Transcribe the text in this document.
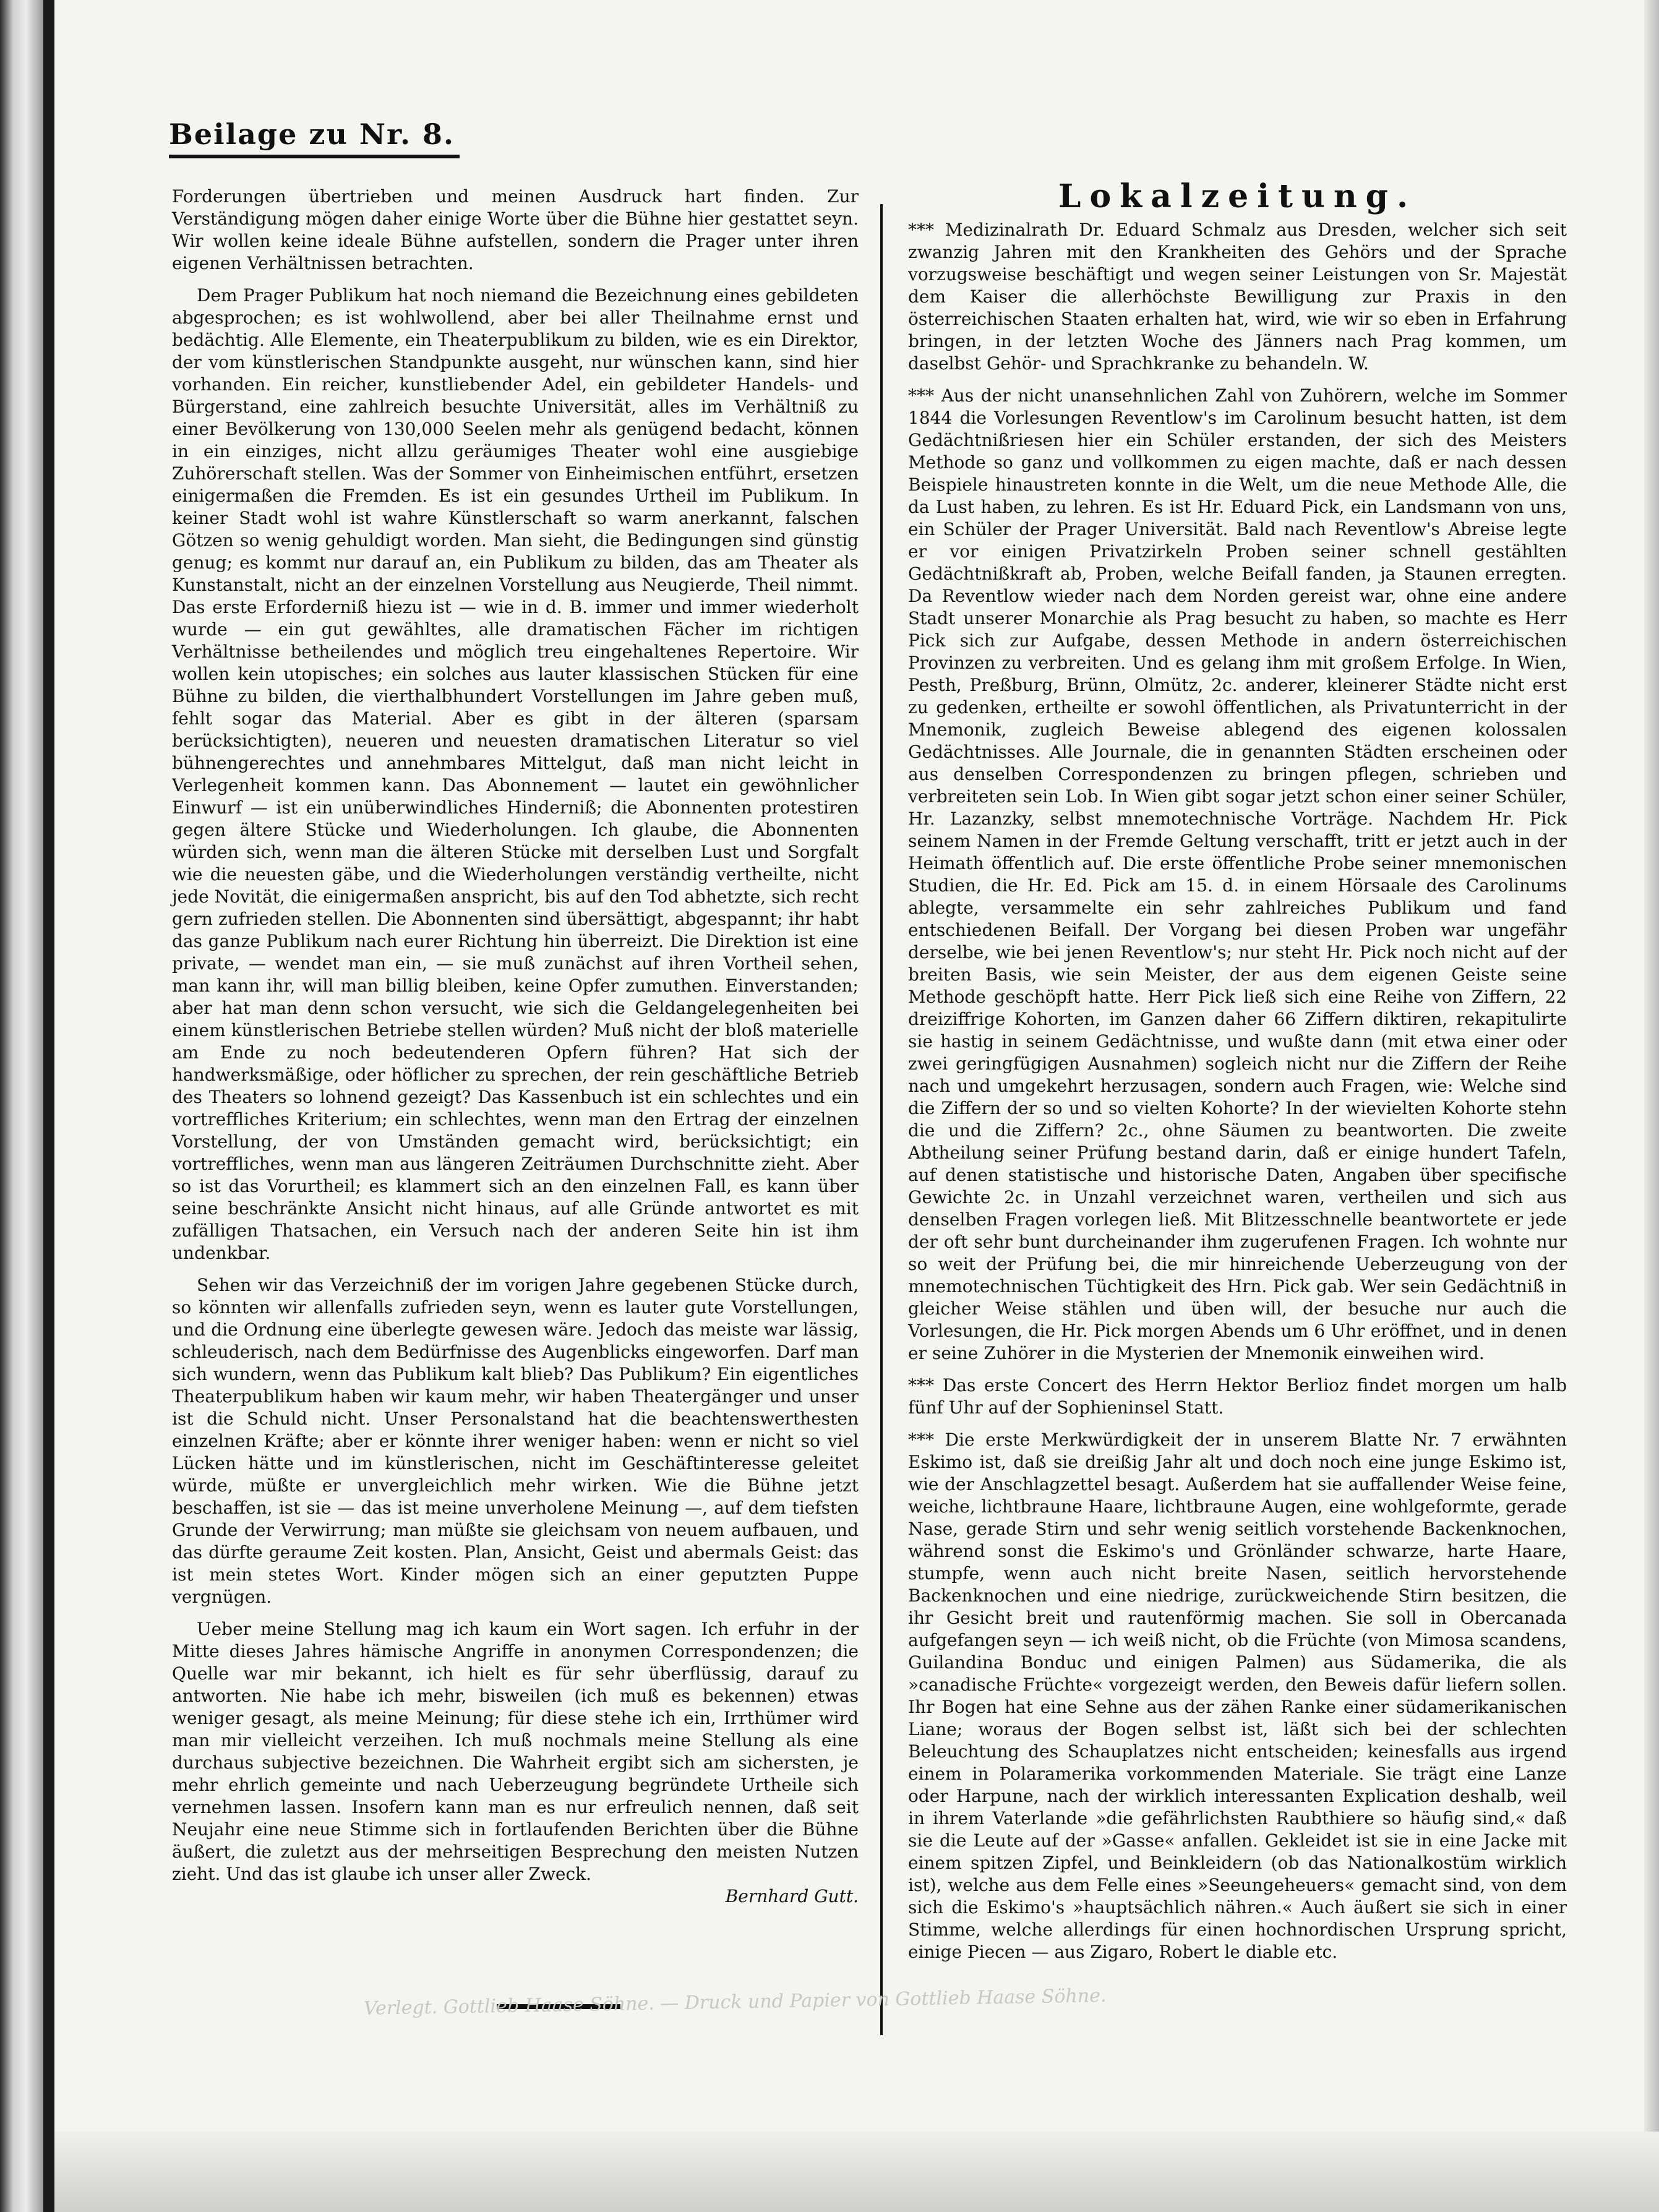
Beilage zu Nr. 8.

Forderungen übertrieben und meinen Ausdruck hart finden. Zur Verständigung mögen daher einige Worte über die Bühne hier gestattet seyn. Wir wollen keine ideale Bühne aufstellen, sondern die Prager unter ihren eigenen Verhältnissen betrachten.

Dem Prager Publikum hat noch niemand die Bezeichnung eines gebildeten abgesprochen; es ist wohlwollend, aber bei aller Theilnahme ernst und bedächtig. Alle Elemente, ein Theaterpublikum zu bilden, wie es ein Direktor, der vom künstlerischen Standpunkte ausgeht, nur wünschen kann, sind hier vorhanden. Ein reicher, kunstliebender Adel, ein gebildeter Handels- und Bürgerstand, eine zahlreich besuchte Universität, alles im Verhältniß zu einer Bevölkerung von 130,000 Seelen mehr als genügend bedacht, können in ein einziges, nicht allzu geräumiges Theater wohl eine ausgiebige Zuhörerschaft stellen. Was der Sommer von Einheimischen entführt, ersetzen einigermaßen die Fremden. Es ist ein gesundes Urtheil im Publikum. In keiner Stadt wohl ist wahre Künstlerschaft so warm anerkannt, falschen Götzen so wenig gehuldigt worden. Man sieht, die Bedingungen sind günstig genug; es kommt nur darauf an, ein Publikum zu bilden, das am Theater als Kunstanstalt, nicht an der einzelnen Vorstellung aus Neugierde, Theil nimmt. Das erste Erforderniß hiezu ist — wie in d. B. immer und immer wiederholt wurde — ein gut gewähltes, alle dramatischen Fächer im richtigen Verhältnisse betheilendes und möglich treu eingehaltenes Repertoire. Wir wollen kein utopisches; ein solches aus lauter klassischen Stücken für eine Bühne zu bilden, die vierthalbhundert Vorstellungen im Jahre geben muß, fehlt sogar das Material. Aber es gibt in der älteren (sparsam berücksichtigten), neueren und neuesten dramatischen Literatur so viel bühnengerechtes und annehmbares Mittelgut, daß man nicht leicht in Verlegenheit kommen kann. Das Abonnement — lautet ein gewöhnlicher Einwurf — ist ein unüberwindliches Hinderniß; die Abonnenten protestiren gegen ältere Stücke und Wiederholungen. Ich glaube, die Abonnenten würden sich, wenn man die älteren Stücke mit derselben Lust und Sorgfalt wie die neuesten gäbe, und die Wiederholungen verständig vertheilte, nicht jede Novität, die einigermaßen anspricht, bis auf den Tod abhetzte, sich recht gern zufrieden stellen. Die Abonnenten sind übersättigt, abgespannt; ihr habt das ganze Publikum nach eurer Richtung hin überreizt. Die Direktion ist eine private, — wendet man ein, — sie muß zunächst auf ihren Vortheil sehen, man kann ihr, will man billig bleiben, keine Opfer zumuthen. Einverstanden; aber hat man denn schon versucht, wie sich die Geldangelegenheiten bei einem künstlerischen Betriebe stellen würden? Muß nicht der bloß materielle am Ende zu noch bedeutenderen Opfern führen? Hat sich der handwerksmäßige, oder höflicher zu sprechen, der rein geschäftliche Betrieb des Theaters so lohnend gezeigt? Das Kassenbuch ist ein schlechtes und ein vortreffliches Kriterium; ein schlechtes, wenn man den Ertrag der einzelnen Vorstellung, der von Umständen gemacht wird, berücksichtigt; ein vortreffliches, wenn man aus längeren Zeiträumen Durchschnitte zieht. Aber so ist das Vorurtheil; es klammert sich an den einzelnen Fall, es kann über seine beschränkte Ansicht nicht hinaus, auf alle Gründe antwortet es mit zufälligen Thatsachen, ein Versuch nach der anderen Seite hin ist ihm undenkbar.

Sehen wir das Verzeichniß der im vorigen Jahre gegebenen Stücke durch, so könnten wir allenfalls zufrieden seyn, wenn es lauter gute Vorstellungen, und die Ordnung eine überlegte gewesen wäre. Jedoch das meiste war lässig, schleuderisch, nach dem Bedürfnisse des Augenblicks eingeworfen. Darf man sich wundern, wenn das Publikum kalt blieb? Das Publikum? Ein eigentliches Theaterpublikum haben wir kaum mehr, wir haben Theatergänger und unser ist die Schuld nicht. Unser Personalstand hat die beachtenswerthesten einzelnen Kräfte; aber er könnte ihrer weniger haben: wenn er nicht so viel Lücken hätte und im künstlerischen, nicht im Geschäftinteresse geleitet würde, müßte er unvergleichlich mehr wirken. Wie die Bühne jetzt beschaffen, ist sie — das ist meine unverholene Meinung —, auf dem tiefsten Grunde der Verwirrung; man müßte sie gleichsam von neuem aufbauen, und das dürfte geraume Zeit kosten. Plan, Ansicht, Geist und abermals Geist: das ist mein stetes Wort. Kinder mögen sich an einer geputzten Puppe vergnügen.

Ueber meine Stellung mag ich kaum ein Wort sagen. Ich erfuhr in der Mitte dieses Jahres hämische Angriffe in anonymen Correspondenzen; die Quelle war mir bekannt, ich hielt es für sehr überflüssig, darauf zu antworten. Nie habe ich mehr, bisweilen (ich muß es bekennen) etwas weniger gesagt, als meine Meinung; für diese stehe ich ein, Irrthümer wird man mir vielleicht verzeihen. Ich muß nochmals meine Stellung als eine durchaus subjective bezeichnen. Die Wahrheit ergibt sich am sichersten, je mehr ehrlich gemeinte und nach Ueberzeugung begründete Urtheile sich vernehmen lassen. Insofern kann man es nur erfreulich nennen, daß seit Neujahr eine neue Stimme sich in fortlaufenden Berichten über die Bühne äußert, die zuletzt aus der mehrseitigen Besprechung den meisten Nutzen zieht. Und das ist glaube ich unser aller Zweck.

Bernhard Gutt.

Lokalzeitung.

*** Medizinalrath Dr. Eduard Schmalz aus Dresden, welcher sich seit zwanzig Jahren mit den Krankheiten des Gehörs und der Sprache vorzugsweise beschäftigt und wegen seiner Leistungen von Sr. Majestät dem Kaiser die allerhöchste Bewilligung zur Praxis in den österreichischen Staaten erhalten hat, wird, wie wir so eben in Erfahrung bringen, in der letzten Woche des Jänners nach Prag kommen, um daselbst Gehör- und Sprachkranke zu behandeln. W.

*** Aus der nicht unansehnlichen Zahl von Zuhörern, welche im Sommer 1844 die Vorlesungen Reventlow's im Carolinum besucht hatten, ist dem Gedächtnißriesen hier ein Schüler erstanden, der sich des Meisters Methode so ganz und vollkommen zu eigen machte, daß er nach dessen Beispiele hinaustreten konnte in die Welt, um die neue Methode Alle, die da Lust haben, zu lehren. Es ist Hr. Eduard Pick, ein Landsmann von uns, ein Schüler der Prager Universität. Bald nach Reventlow's Abreise legte er vor einigen Privatzirkeln Proben seiner schnell gestählten Gedächtnißkraft ab, Proben, welche Beifall fanden, ja Staunen erregten. Da Reventlow wieder nach dem Norden gereist war, ohne eine andere Stadt unserer Monarchie als Prag besucht zu haben, so machte es Herr Pick sich zur Aufgabe, dessen Methode in andern österreichischen Provinzen zu verbreiten. Und es gelang ihm mit großem Erfolge. In Wien, Pesth, Preßburg, Brünn, Olmütz, 2c. anderer, kleinerer Städte nicht erst zu gedenken, ertheilte er sowohl öffentlichen, als Privatunterricht in der Mnemonik, zugleich Beweise ablegend des eigenen kolossalen Gedächtnisses. Alle Journale, die in genannten Städten erscheinen oder aus denselben Correspondenzen zu bringen pflegen, schrieben und verbreiteten sein Lob. In Wien gibt sogar jetzt schon einer seiner Schüler, Hr. Lazanzky, selbst mnemotechnische Vorträge. Nachdem Hr. Pick seinem Namen in der Fremde Geltung verschafft, tritt er jetzt auch in der Heimath öffentlich auf. Die erste öffentliche Probe seiner mnemonischen Studien, die Hr. Ed. Pick am 15. d. in einem Hörsaale des Carolinums ablegte, versammelte ein sehr zahlreiches Publikum und fand entschiedenen Beifall. Der Vorgang bei diesen Proben war ungefähr derselbe, wie bei jenen Reventlow's; nur steht Hr. Pick noch nicht auf der breiten Basis, wie sein Meister, der aus dem eigenen Geiste seine Methode geschöpft hatte. Herr Pick ließ sich eine Reihe von Ziffern, 22 dreiziffrige Kohorten, im Ganzen daher 66 Ziffern diktiren, rekapitulirte sie hastig in seinem Gedächtnisse, und wußte dann (mit etwa einer oder zwei geringfügigen Ausnahmen) sogleich nicht nur die Ziffern der Reihe nach und umgekehrt herzusagen, sondern auch Fragen, wie: Welche sind die Ziffern der so und so vielten Kohorte? In der wievielten Kohorte stehn die und die Ziffern? 2c., ohne Säumen zu beantworten. Die zweite Abtheilung seiner Prüfung bestand darin, daß er einige hundert Tafeln, auf denen statistische und historische Daten, Angaben über specifische Gewichte 2c. in Unzahl verzeichnet waren, vertheilen und sich aus denselben Fragen vorlegen ließ. Mit Blitzesschnelle beantwortete er jede der oft sehr bunt durcheinander ihm zugerufenen Fragen. Ich wohnte nur so weit der Prüfung bei, die mir hinreichende Ueberzeugung von der mnemotechnischen Tüchtigkeit des Hrn. Pick gab. Wer sein Gedächtniß in gleicher Weise stählen und üben will, der besuche nur auch die Vorlesungen, die Hr. Pick morgen Abends um 6 Uhr eröffnet, und in denen er seine Zuhörer in die Mysterien der Mnemonik einweihen wird.

*** Das erste Concert des Herrn Hektor Berlioz findet morgen um halb fünf Uhr auf der Sophieninsel Statt.

*** Die erste Merkwürdigkeit der in unserem Blatte Nr. 7 erwähnten Eskimo ist, daß sie dreißig Jahr alt und doch noch eine junge Eskimo ist, wie der Anschlagzettel besagt. Außerdem hat sie auffallender Weise feine, weiche, lichtbraune Haare, lichtbraune Augen, eine wohlgeformte, gerade Nase, gerade Stirn und sehr wenig seitlich vorstehende Backenknochen, während sonst die Eskimo's und Grönländer schwarze, harte Haare, stumpfe, wenn auch nicht breite Nasen, seitlich hervorstehende Backenknochen und eine niedrige, zurückweichende Stirn besitzen, die ihr Gesicht breit und rautenförmig machen. Sie soll in Obercanada aufgefangen seyn — ich weiß nicht, ob die Früchte (von Mimosa scandens, Guilandina Bonduc und einigen Palmen) aus Südamerika, die als »canadische Früchte« vorgezeigt werden, den Beweis dafür liefern sollen. Ihr Bogen hat eine Sehne aus der zähen Ranke einer südamerikanischen Liane; woraus der Bogen selbst ist, läßt sich bei der schlechten Beleuchtung des Schauplatzes nicht entscheiden; keinesfalls aus irgend einem in Polaramerika vorkommenden Materiale. Sie trägt eine Lanze oder Harpune, nach der wirklich interessanten Explication deshalb, weil in ihrem Vaterlande »die gefährlichsten Raubthiere so häufig sind,« daß sie die Leute auf der »Gasse« anfallen. Gekleidet ist sie in eine Jacke mit einem spitzen Zipfel, und Beinkleidern (ob das Nationalkostüm wirklich ist), welche aus dem Felle eines »Seeungeheuers« gemacht sind, von dem sich die Eskimo's »hauptsächlich nähren.« Auch äußert sie sich in einer Stimme, welche allerdings für einen hochnordischen Ursprung spricht, einige Piecen — aus Zigaro, Robert le diable etc.

Verlegt. Gottlieb Haase Söhne. — Druck und Papier von Gottlieb Haase Söhne.
